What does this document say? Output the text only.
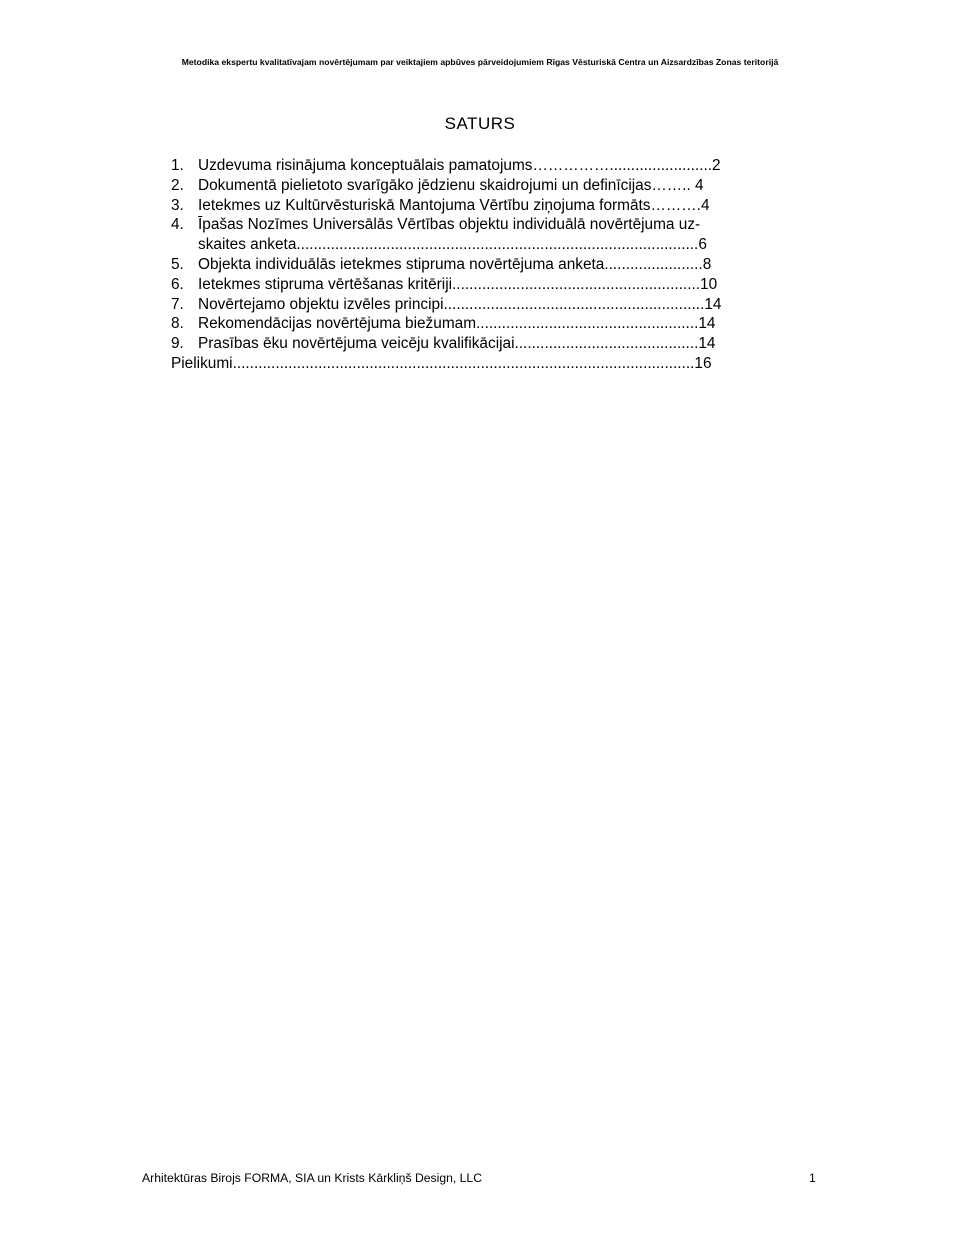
Metodika ekspertu kvalitatīvajam novērtējumam par veiktajiem apbūves pārveidojumiem Rīgas Vēsturiskā Centra un Aizsardzības Zonas teritorijā
SATURS
1. Uzdevuma risinājuma konceptuālais pamatojums……………........................2
2. Dokumentā pielietoto svarīgāko jēdzienu skaidrojumi un definīcijas…….. 4
3. Ietekmes uz Kultūrvēsturiskā Mantojuma Vērtību ziņojuma formāts……….4
4. Īpašas Nozīmes Universālās Vērtības objektu individuālā novērtējuma uz-
skaites anketa..............................................................................................6
5. Objekta individuālās ietekmes stipruma novērtējuma anketa.......................8
6. Ietekmes stipruma vērtēšanas kritēriji..........................................................10
7. Novērtejamo objektu izvēles principi.............................................................14
8. Rekomendācijas novērtējuma biežumam....................................................14
9. Prasības ēku novērtējuma veicēju kvalifikācijai...........................................14
Pielikumi............................................................................................................16
Arhitektūras Birojs FORMA, SIA un Krists Kārkliņš Design, LLC	1
